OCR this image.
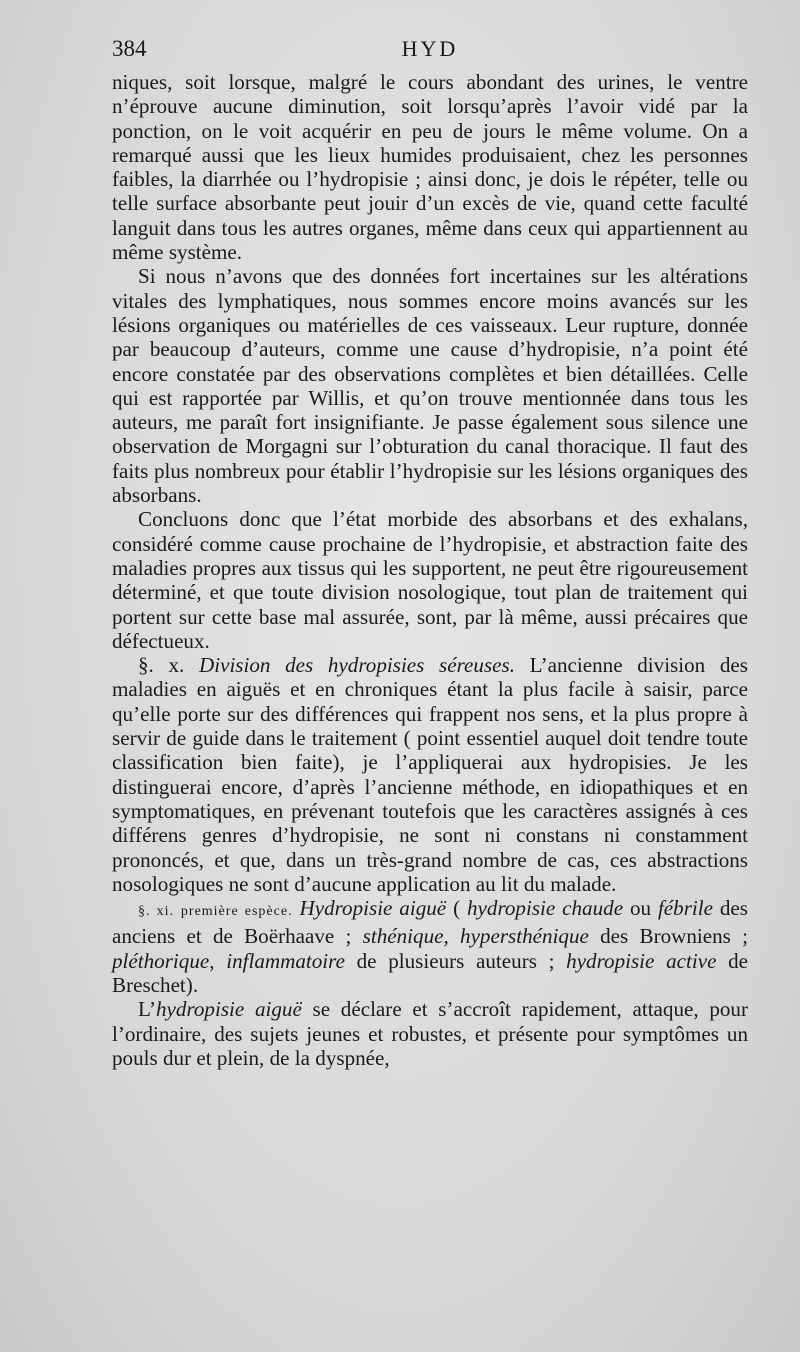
384	HYD

niques, soit lorsque, malgré le cours abondant des urines, le ventre n’éprouve aucune diminution, soit lorsqu’après l’avoir vidé par la ponction, on le voit acquérir en peu de jours le même volume. On a remarqué aussi que les lieux humides produisaient, chez les personnes faibles, la diarrhée ou l’hydropisie ; ainsi donc, je dois le répéter, telle ou telle surface absorbante peut jouir d’un excès de vie, quand cette faculté languit dans tous les autres organes, même dans ceux qui appartiennent au même système.

Si nous n’avons que des données fort incertaines sur les altérations vitales des lymphatiques, nous sommes encore moins avancés sur les lésions organiques ou matérielles de ces vaisseaux. Leur rupture, donnée par beaucoup d’auteurs, comme une cause d’hydropisie, n’a point été encore constatée par des observations complètes et bien détaillées. Celle qui est rapportée par Willis, et qu’on trouve mentionnée dans tous les auteurs, me paraît fort insignifiante. Je passe également sous silence une observation de Morgagni sur l’obturation du canal thoracique. Il faut des faits plus nombreux pour établir l’hydropisie sur les lésions organiques des absorbans.

Concluons donc que l’état morbide des absorbans et des exhalans, considéré comme cause prochaine de l’hydropisie, et abstraction faite des maladies propres aux tissus qui les supportent, ne peut être rigoureusement déterminé, et que toute division nosologique, tout plan de traitement qui portent sur cette base mal assurée, sont, par là même, aussi précaires que défectueux.

§. x. Division des hydropisies séreuses. L’ancienne division des maladies en aiguës et en chroniques étant la plus facile à saisir, parce qu’elle porte sur des différences qui frappent nos sens, et la plus propre à servir de guide dans le traitement ( point essentiel auquel doit tendre toute classification bien faite), je l’appliquerai aux hydropisies. Je les distinguerai encore, d’après l’ancienne méthode, en idiopathiques et en symptomatiques, en prévenant toutefois que les caractères assignés à ces différens genres d’hydropisie, ne sont ni constans ni constamment prononcés, et que, dans un très-grand nombre de cas, ces abstractions nosologiques ne sont d’aucune application au lit du malade.

§. xi. première espèce. Hydropisie aiguë ( hydropisie chaude ou fébrile des anciens et de Boërhaave ; sthénique, hypersthénique des Browniens ; pléthorique, inflammatoire de plusieurs auteurs ; hydropisie active de Breschet).

L’hydropisie aiguë se déclare et s’accroît rapidement, attaque, pour l’ordinaire, des sujets jeunes et robustes, et présente pour symptômes un pouls dur et plein, de la dyspnée,
